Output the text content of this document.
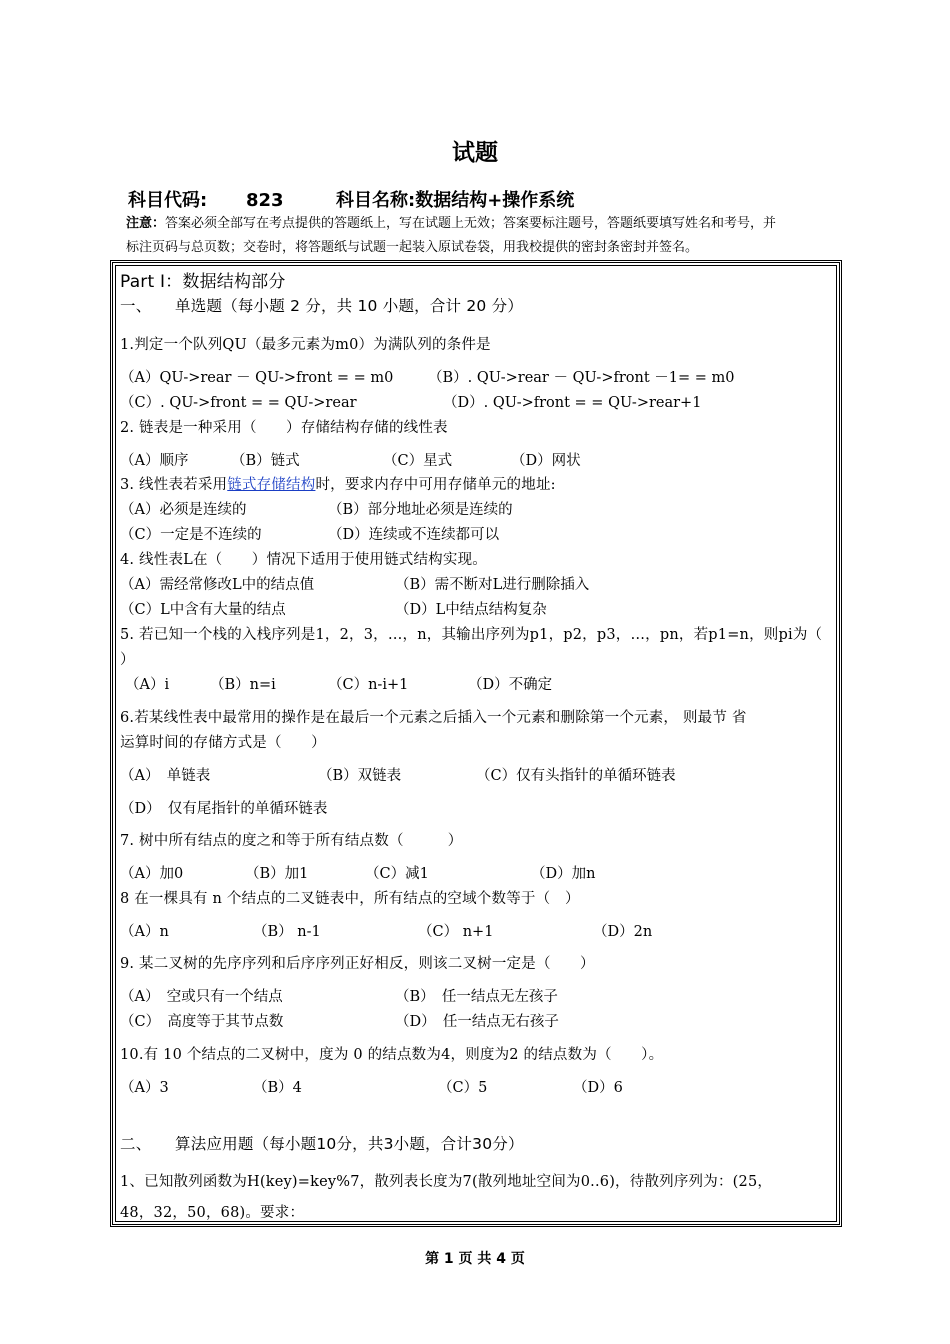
试题
科目代码: 823	科目名称:数据结构+操作系统
注意：答案必须全部写在考点提供的答题纸上，写在试题上无效；答案要标注题号，答题纸要填写姓名和考号，并
标注页码与总页数；交卷时，将答题纸与试题一起装入原试卷袋，用我校提供的密封条密封并签名。
Part Ⅰ：数据结构部分
一、　　单选题（每小题 2 分，共 10 小题，合计 20 分）
1.判定一个队列QU（最多元素为m0）为满队列的条件是
（A）QU->rear － QU->front = = m0 （B）. QU->rear － QU->front －1= = m0
（C）. QU->front = = QU->rear	（D）. QU->front = = QU->rear+1
2. 链表是一种采用（　　）存储结构存储的线性表
（A）顺序	（B）链式	（C）星式	（D）网状
3. 线性表若采用链式存储结构时，要求内存中可用存储单元的地址:
（A）必须是连续的	（B）部分地址必须是连续的
（C）一定是不连续的	（D）连续或不连续都可以
4. 线性表L在（　　）情况下适用于使用链式结构实现。
（A）需经常修改L中的结点值	（B）需不断对L进行删除插入
（C）L中含有大量的结点	（D）L中结点结构复杂
5. 若已知一个栈的入栈序列是1，2，3，…，n，其输出序列为p1，p2，p3，…，pn，若p1=n，则pi为（
）
（A）i	（B）n=i	（C）n-i+1	（D）不确定
6.若某线性表中最常用的操作是在最后一个元素之后插入一个元素和删除第一个元素， 则最节 省
运算时间的存储方式是（　　）
（A）　单链表	（B）双链表	（C）仅有头指针的单循环链表
（D）　仅有尾指针的单循环链表
7. 树中所有结点的度之和等于所有结点数（　　　）
（A）加0	（B）加1	（C）减1	（D）加n
8 在一棵具有 n 个结点的二叉链表中，所有结点的空域个数等于（　）
（A）n	（B） n-1	（C） n+1	（D）2n
9. 某二叉树的先序序列和后序序列正好相反，则该二叉树一定是（　　）
（A）　空或只有一个结点	（B）　任一结点无左孩子
（C）　高度等于其节点数	（D）　任一结点无右孩子
10.有 10 个结点的二叉树中，度为 0 的结点数为4，则度为2 的结点数为（　　）。
（A）3	（B）4	（C）5	（D）6
二、　　算法应用题（每小题10分，共3小题，合计30分）
1、已知散列函数为H(key)=key%7，散列表长度为7(散列地址空间为0..6)，待散列序列为：(25，
48，32，50，68)。要求：
第 1 页 共 4 页
